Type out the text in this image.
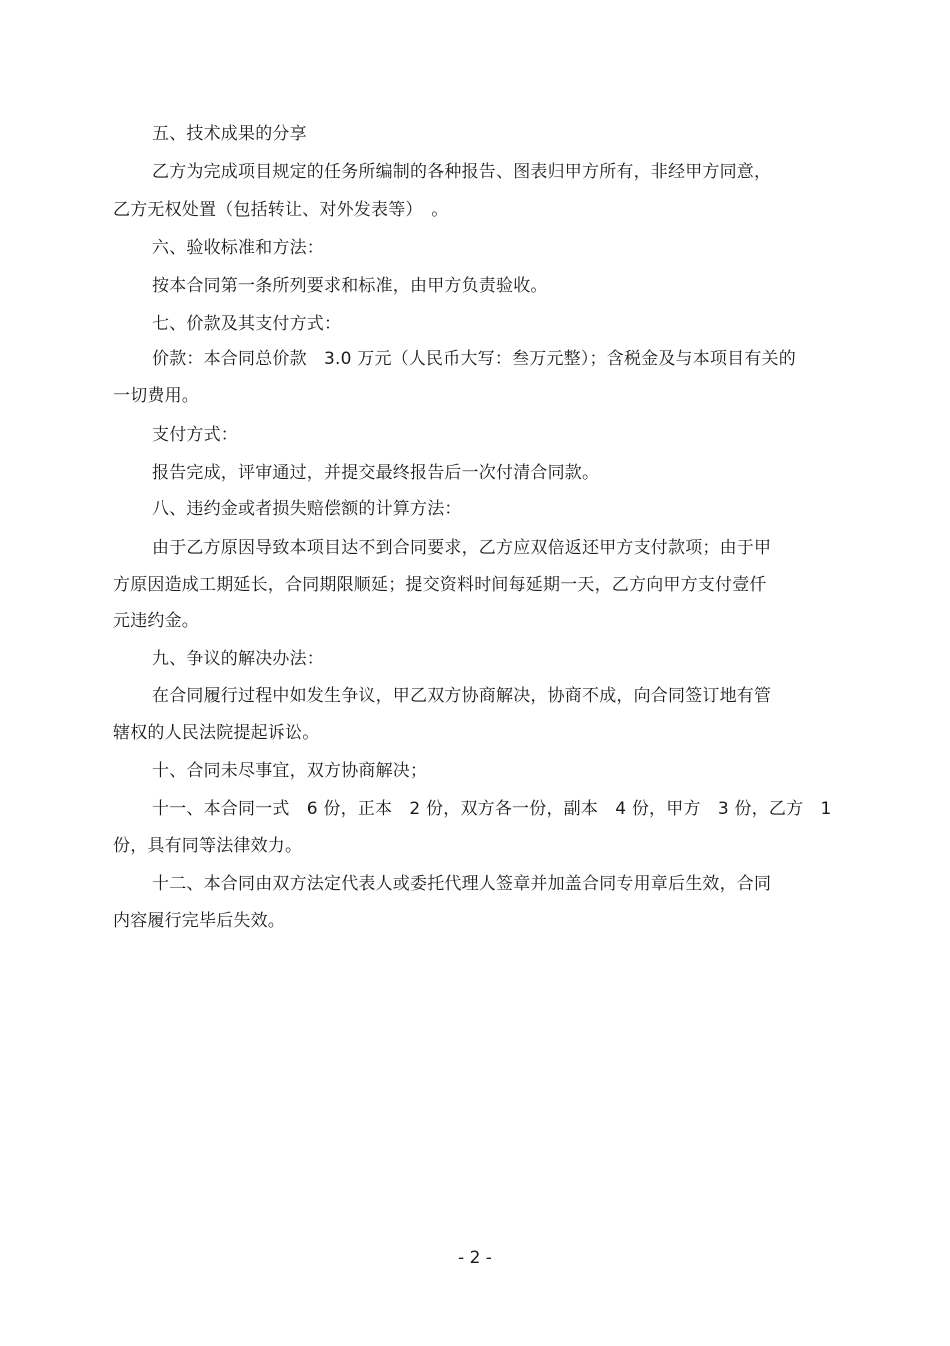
五、技术成果的分享
乙方为完成项目规定的任务所编制的各种报告、图表归甲方所有，非经甲方同意，
乙方无权处置（包括转让、对外发表等）　。
六、验收标准和方法：
按本合同第一条所列要求和标准，由甲方负责验收。
七、价款及其支付方式：
价款：本合同总价款　3.0 万元（人民币大写：叁万元整）；含税金及与本项目有关的
一切费用。
支付方式：
报告完成，评审通过，并提交最终报告后一次付清合同款。
八、违约金或者损失赔偿额的计算方法：
由于乙方原因导致本项目达不到合同要求，乙方应双倍返还甲方支付款项；由于甲
方原因造成工期延长，合同期限顺延；提交资料时间每延期一天，乙方向甲方支付壹仟
元违约金。
九、争议的解决办法：
在合同履行过程中如发生争议，甲乙双方协商解决，协商不成，向合同签订地有管
辖权的人民法院提起诉讼。
十、合同未尽事宜，双方协商解决；
十一、本合同一式　6 份，正本　2 份，双方各一份，副本　4 份，甲方　3 份，乙方　1
份，具有同等法律效力。
十二、本合同由双方法定代表人或委托代理人签章并加盖合同专用章后生效，合同
内容履行完毕后失效。
- 2 -
